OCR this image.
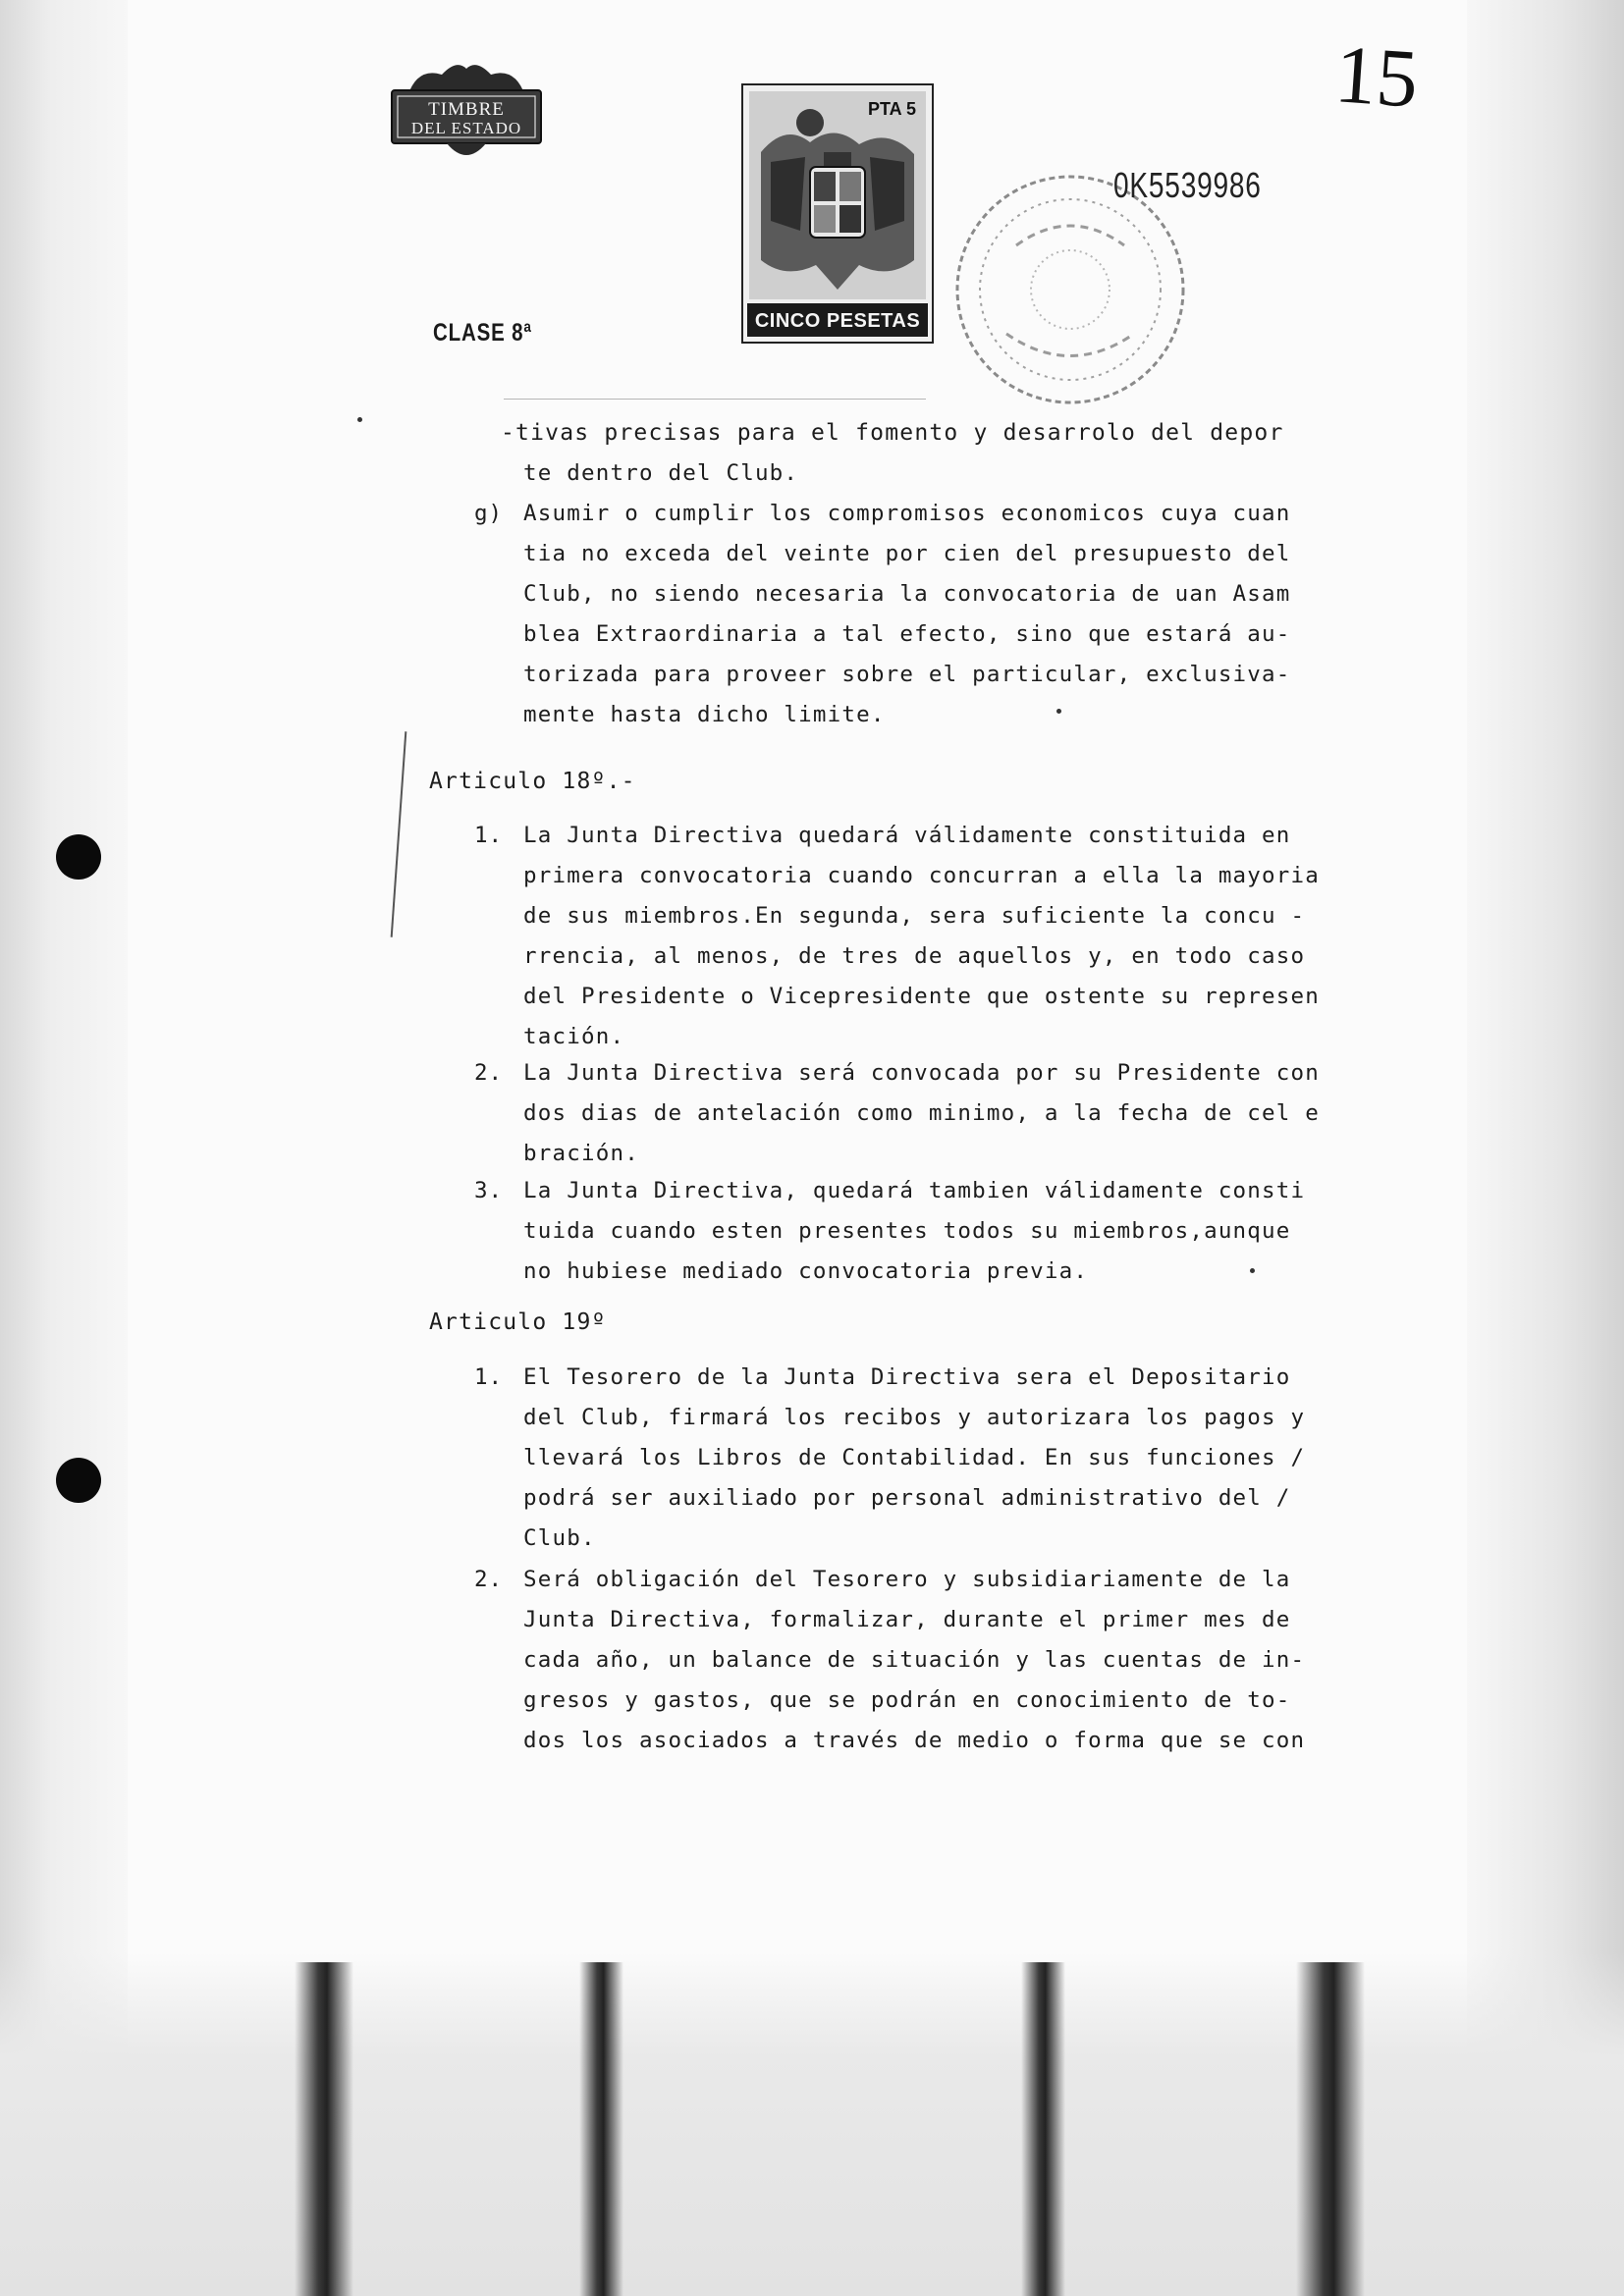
TIMBRE
DEL ESTADO
PTA 5
CINCO PESETAS
0K5539986
15
CLASE 8ª
-tivas precisas para el fomento y desarrolo del depor
te dentro del Club.
g) Asumir o cumplir los compromisos economicos cuya cuan
tia no exceda del veinte por cien del presupuesto del
Club, no siendo necesaria la convocatoria de uan Asam
blea Extraordinaria a tal efecto, sino que estará au-
torizada para proveer sobre el particular, exclusiva-
mente hasta dicho limite.
Articulo 18º.-
1. La Junta Directiva quedará válidamente constituida en
primera convocatoria cuando concurran a ella la mayoria
de sus miembros.En segunda, sera suficiente la concu -
rrencia, al menos, de tres de aquellos y, en todo caso
del Presidente o Vicepresidente que ostente su represen
tación.
2. La Junta Directiva será convocada por su Presidente con
dos dias de antelación como minimo, a la fecha de cel e
bración.
3. La Junta Directiva, quedará tambien válidamente consti
tuida cuando esten presentes todos su miembros,aunque
no hubiese mediado convocatoria previa.
Articulo 19º
1. El Tesorero de la Junta Directiva sera el Depositario
del Club, firmará los recibos y autorizara los pagos y
llevará los Libros de Contabilidad. En sus funciones /
podrá ser auxiliado por personal administrativo del /
Club.
2. Será obligación del Tesorero y subsidiariamente de la
Junta Directiva, formalizar, durante el primer mes de
cada año, un balance de situación y las cuentas de in-
gresos y gastos, que se podrán en conocimiento de to-
dos los asociados a través de medio o forma que se con
